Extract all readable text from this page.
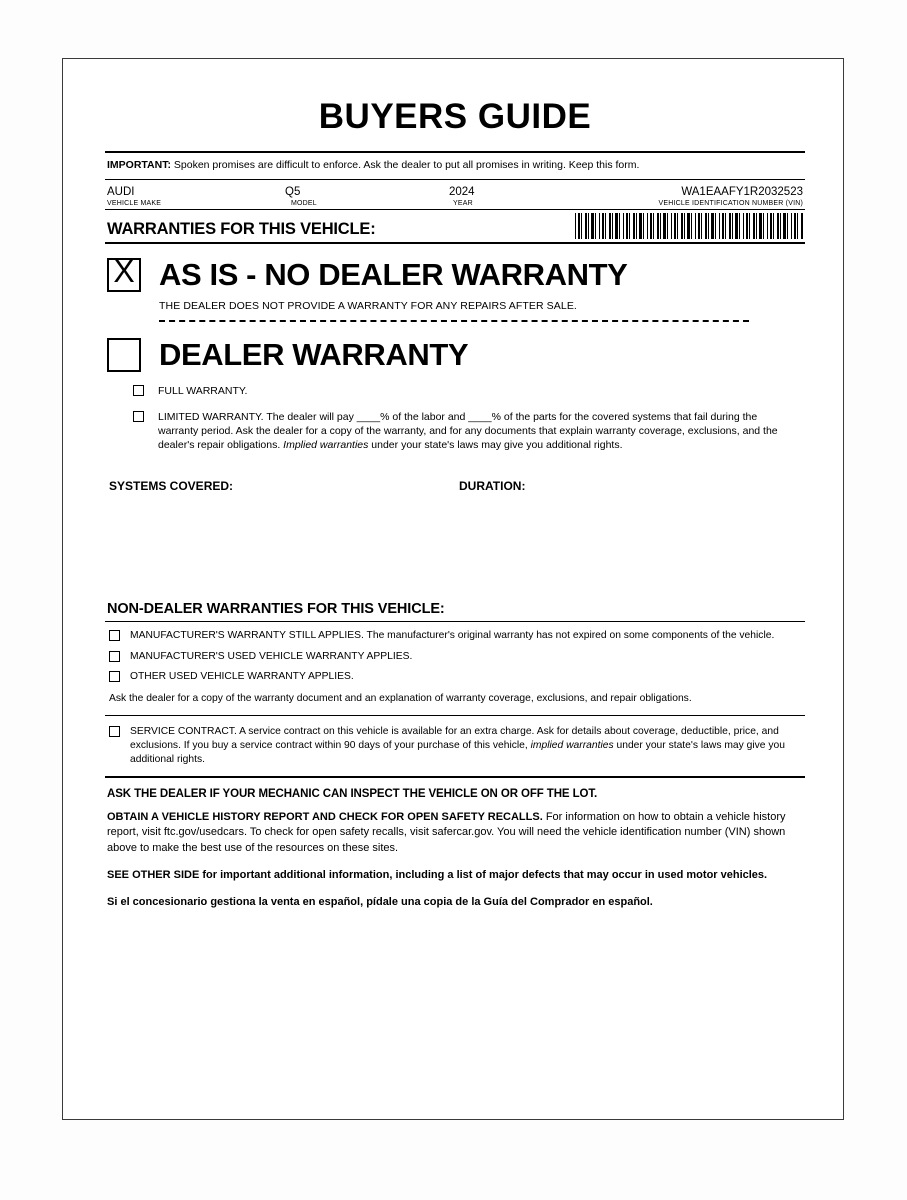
BUYERS GUIDE
IMPORTANT: Spoken promises are difficult to enforce. Ask the dealer to put all promises in writing. Keep this form.
AUDI
VEHICLE MAKE
Q5
MODEL
2024
YEAR
WA1EAAFY1R2032523
VEHICLE IDENTIFICATION NUMBER (VIN)
WARRANTIES FOR THIS VEHICLE:
X AS IS - NO DEALER WARRANTY
THE DEALER DOES NOT PROVIDE A WARRANTY FOR ANY REPAIRS AFTER SALE.
DEALER WARRANTY
FULL WARRANTY.
LIMITED WARRANTY. The dealer will pay ____% of the labor and ____% of the parts for the covered systems that fail during the warranty period. Ask the dealer for a copy of the warranty, and for any documents that explain warranty coverage, exclusions, and the dealer's repair obligations. Implied warranties under your state's laws may give you additional rights.
SYSTEMS COVERED:	DURATION:
NON-DEALER WARRANTIES FOR THIS VEHICLE:
MANUFACTURER'S WARRANTY STILL APPLIES. The manufacturer's original warranty has not expired on some components of the vehicle.
MANUFACTURER'S USED VEHICLE WARRANTY APPLIES.
OTHER USED VEHICLE WARRANTY APPLIES.
Ask the dealer for a copy of the warranty document and an explanation of warranty coverage, exclusions, and repair obligations.
SERVICE CONTRACT. A service contract on this vehicle is available for an extra charge. Ask for details about coverage, deductible, price, and exclusions. If you buy a service contract within 90 days of your purchase of this vehicle, implied warranties under your state's laws may give you additional rights.
ASK THE DEALER IF YOUR MECHANIC CAN INSPECT THE VEHICLE ON OR OFF THE LOT.
OBTAIN A VEHICLE HISTORY REPORT AND CHECK FOR OPEN SAFETY RECALLS. For information on how to obtain a vehicle history report, visit ftc.gov/usedcars. To check for open safety recalls, visit safercar.gov. You will need the vehicle identification number (VIN) shown above to make the best use of the resources on these sites.
SEE OTHER SIDE for important additional information, including a list of major defects that may occur in used motor vehicles.
Si el concesionario gestiona la venta en español, pídale una copia de la Guía del Comprador en español.
